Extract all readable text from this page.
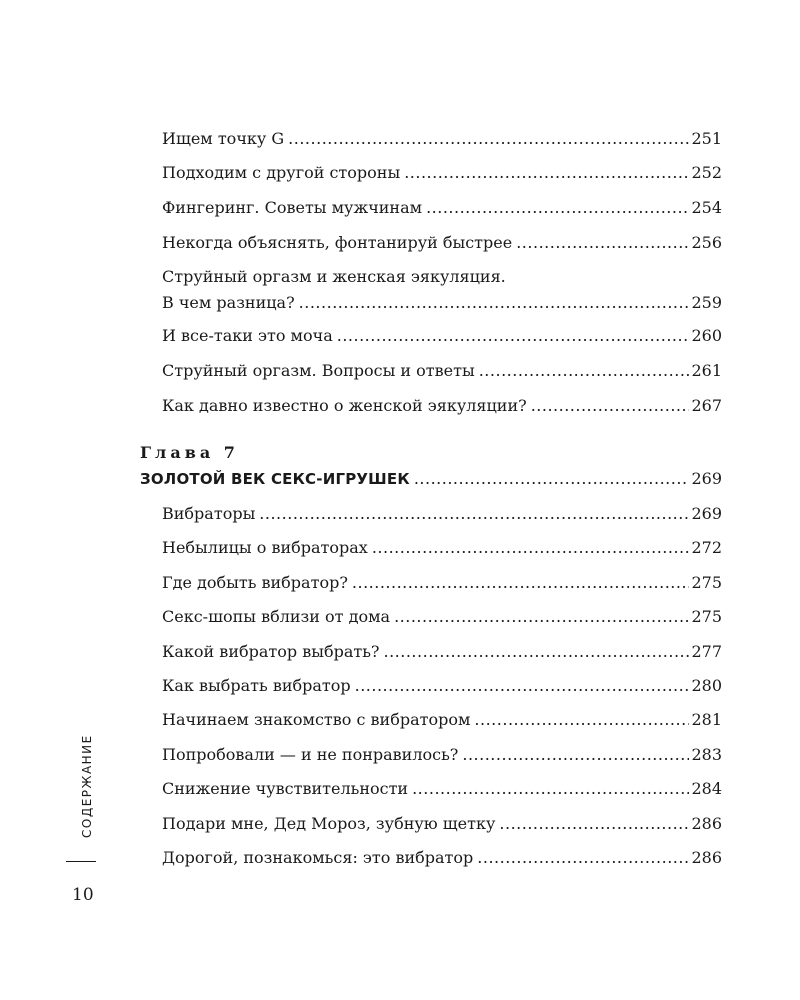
Ищем точку G .....	251
Подходим с другой стороны .....	252
Фингеринг. Советы мужчинам .....	254
Некогда объяснять, фонтанируй быстрее .....	256
Струйный оргазм и женская эякуляция.
В чем разница? .....	259
И все-таки это моча .....	260
Струйный оргазм. Вопросы и ответы .....	261
Как давно известно о женской эякуляции? .....	267
Глава 7
ЗОЛОТОЙ ВЕК СЕКС-ИГРУШЕК .....	269
Вибраторы .....	269
Небылицы о вибраторах .....	272
Где добыть вибратор? .....	275
Секс-шопы вблизи от дома .....	275
Какой вибратор выбрать? .....	277
Как выбрать вибратор .....	280
Начинаем знакомство с вибратором .....	281
Попробовали — и не понравилось? .....	283
Снижение чувствительности .....	284
Подари мне, Дед Мороз, зубную щетку .....	286
Дорогой, познакомься: это вибратор .....	286
СОДЕРЖАНИЕ
10
